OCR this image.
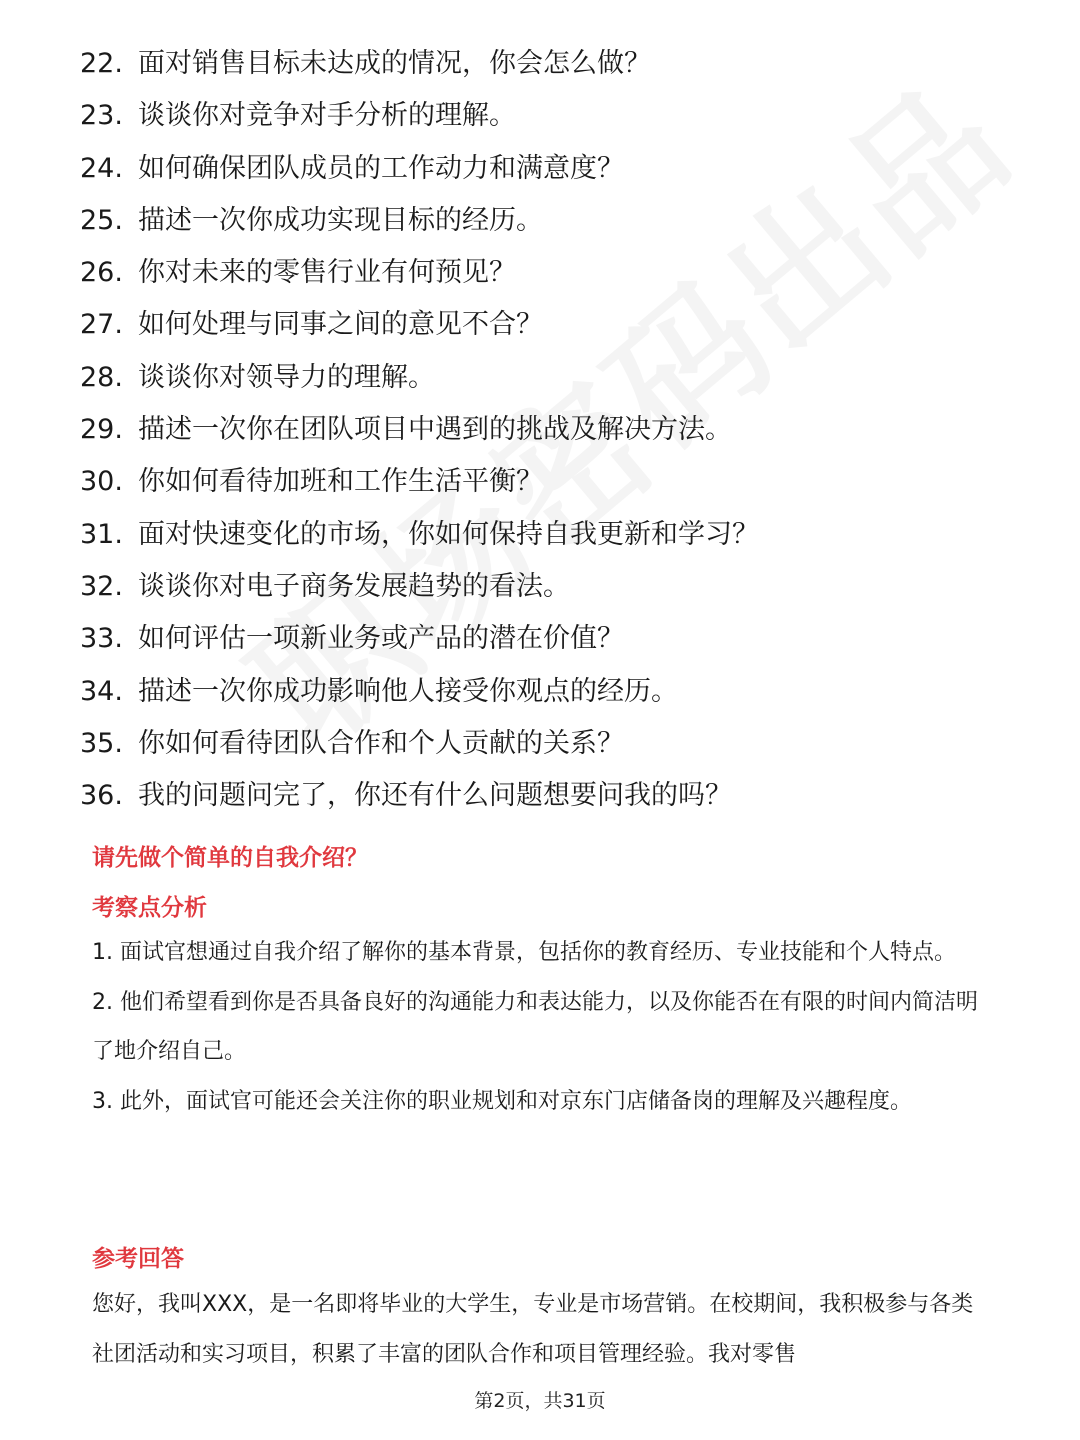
22. 面对销售目标未达成的情况，你会怎么做？
23. 谈谈你对竞争对手分析的理解。
24. 如何确保团队成员的工作动力和满意度？
25. 描述一次你成功实现目标的经历。
26. 你对未来的零售行业有何预见？
27. 如何处理与同事之间的意见不合？
28. 谈谈你对领导力的理解。
29. 描述一次你在团队项目中遇到的挑战及解决方法。
30. 你如何看待加班和工作生活平衡？
31. 面对快速变化的市场，你如何保持自我更新和学习？
32. 谈谈你对电子商务发展趋势的看法。
33. 如何评估一项新业务或产品的潜在价值？
34. 描述一次你成功影响他人接受你观点的经历。
35. 你如何看待团队合作和个人贡献的关系？
36. 我的问题问完了，你还有什么问题想要问我的吗？
请先做个简单的自我介绍？
考察点分析
1. 面试官想通过自我介绍了解你的基本背景，包括你的教育经历、专业技能和个人特点。
2. 他们希望看到你是否具备良好的沟通能力和表达能力，以及你能否在有限的时间内简洁明了地介绍自己。
3. 此外，面试官可能还会关注你的职业规划和对京东门店储备岗的理解及兴趣程度。
参考回答
您好，我叫XXX，是一名即将毕业的大学生，专业是市场营销。在校期间，我积极参与各类社团活动和实习项目，积累了丰富的团队合作和项目管理经验。我对零售
第2页，共31页
